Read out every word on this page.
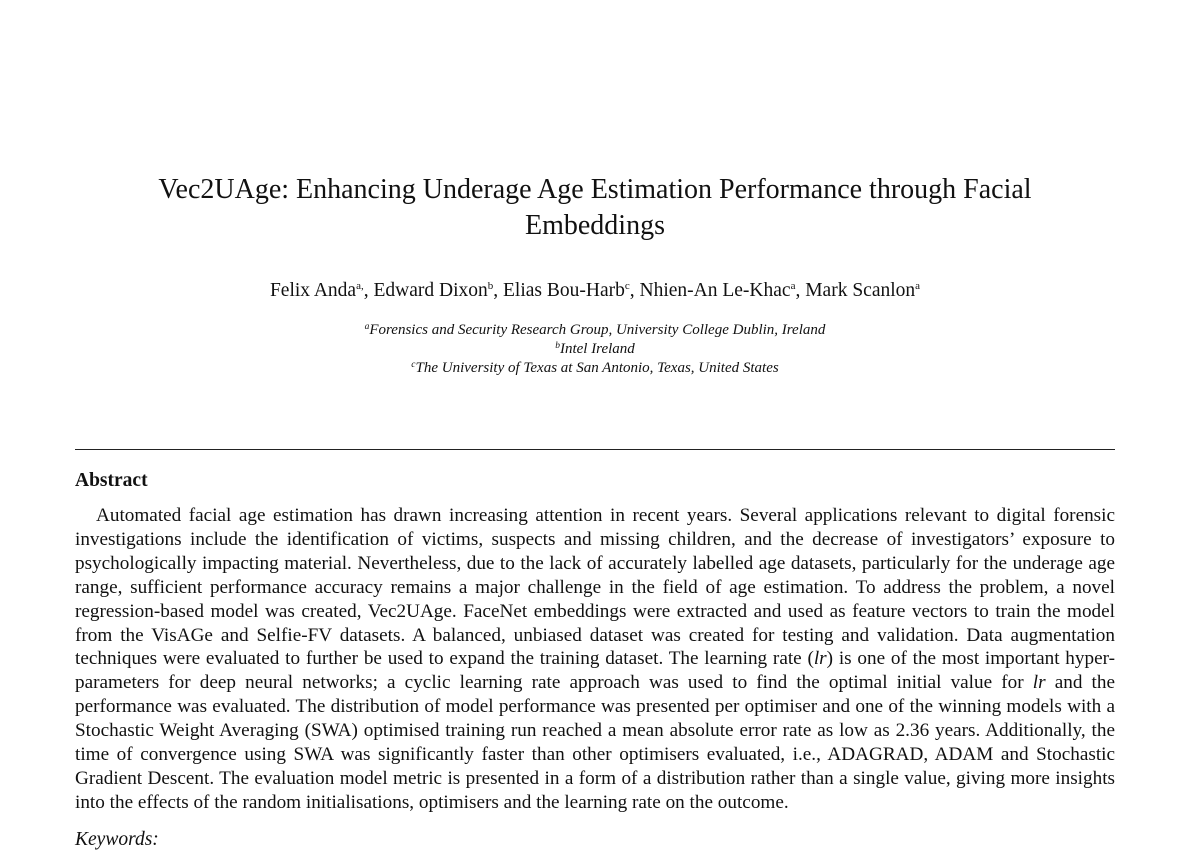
Vec2UAge: Enhancing Underage Age Estimation Performance through Facial
Embeddings
Felix Anda$^{a,}$, Edward Dixon$^b$, Elias Bou-Harb$^c$, Nhien-An Le-Khac$^a$, Mark Scanlon$^a$
$^a$Forensics and Security Research Group, University College Dublin, Ireland
$^b$Intel Ireland
$^c$The University of Texas at San Antonio, Texas, United States
Abstract

Automated facial age estimation has drawn increasing attention in recent years. Several applications relevant to digital forensic investigations include the identification of victims, suspects and missing children, and the decrease of investigators’ exposure to psychologically impacting material. Nevertheless, due to the lack of accurately labelled age datasets, particularly for the underage age range, sufficient performance accuracy remains a major challenge in the field of age estimation. To address the problem, a novel regression-based model was created, Vec2UAge. FaceNet embeddings were extracted and used as feature vectors to train the model from the VisAGe and Selfie-FV datasets. A balanced, unbiased dataset was created for testing and validation. Data augmentation techniques were evaluated to further be used to expand the training dataset. The learning rate (lr) is one of the most important hyper-parameters for deep neural networks; a cyclic learning rate approach was used to find the optimal initial value for lr and the performance was evaluated. The distribution of model performance was presented per optimiser and one of the winning models with a Stochastic Weight Averaging (SWA) optimised training run reached a mean absolute error rate as low as 2.36 years. Additionally, the time of convergence using SWA was significantly faster than other optimisers evaluated, i.e., ADAGRAD, ADAM and Stochastic Gradient Descent. The evaluation model metric is presented in a form of a distribution rather than a single value, giving more insights into the effects of the random initialisations, optimisers and the learning rate on the outcome.

Keywords:
